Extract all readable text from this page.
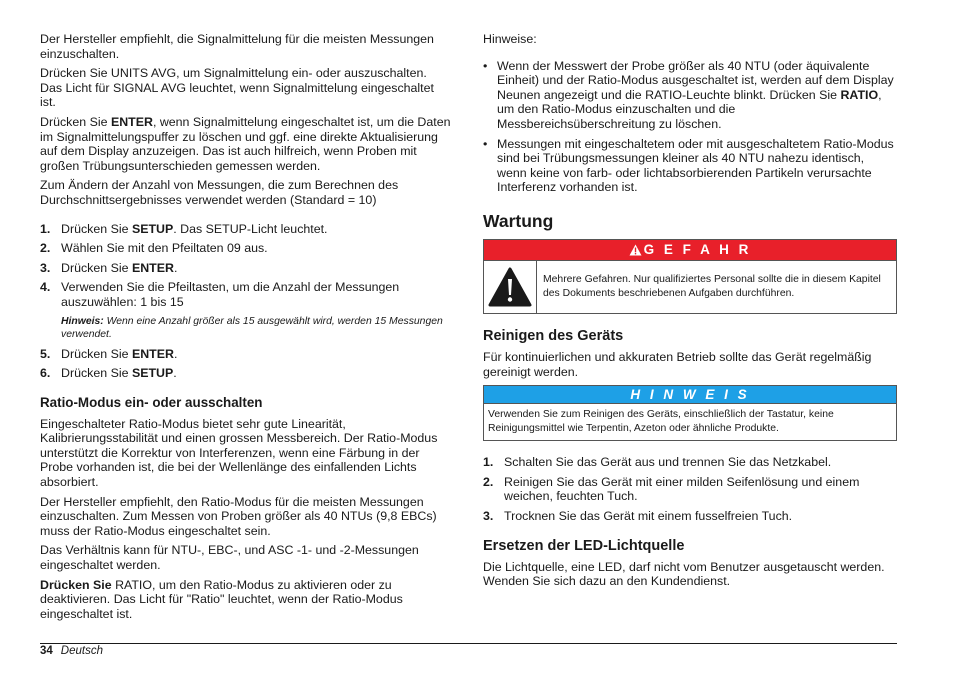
Der Hersteller empfiehlt, die Signalmittelung für die meisten Messungen einzuschalten.

Drücken Sie UNITS AVG, um Signalmittelung ein- oder auszuschalten. Das Licht für SIGNAL AVG leuchtet, wenn Signalmittelung eingeschaltet ist.

Drücken Sie ENTER, wenn Signalmittelung eingeschaltet ist, um die Daten im Signalmittelungspuffer zu löschen und ggf. eine direkte Aktualisierung auf dem Display anzuzeigen. Das ist auch hilfreich, wenn Proben mit großen Trübungsunterschieden gemessen werden.

Zum Ändern der Anzahl von Messungen, die zum Berechnen des Durchschnittsergebnisses verwendet werden (Standard = 10)

1. Drücken Sie SETUP. Das SETUP-Licht leuchtet.
2. Wählen Sie mit den Pfeiltaten 09 aus.
3. Drücken Sie ENTER.
4. Verwenden Sie die Pfeiltasten, um die Anzahl der Messungen auszuwählen: 1 bis 15

Hinweis: Wenn eine Anzahl größer als 15 ausgewählt wird, werden 15 Messungen verwendet.

5. Drücken Sie ENTER.
6. Drücken Sie SETUP.
Ratio-Modus ein- oder ausschalten

Eingeschalteter Ratio-Modus bietet sehr gute Linearität, Kalibrierungsstabilität und einen grossen Messbereich. Der Ratio-Modus unterstützt die Korrektur von Interferenzen, wenn eine Färbung in der Probe vorhanden ist, die bei der Wellenlänge des einfallenden Lichts absorbiert.

Der Hersteller empfiehlt, den Ratio-Modus für die meisten Messungen einzuschalten. Zum Messen von Proben größer als 40 NTUs (9,8 EBCs) muss der Ratio-Modus eingeschaltet sein.

Das Verhältnis kann für NTU-, EBC-, und ASC -1- und -2-Messungen eingeschaltet werden.

Drücken Sie RATIO, um den Ratio-Modus zu aktivieren oder zu deaktivieren. Das Licht für "Ratio" leuchtet, wenn der Ratio-Modus eingeschaltet ist.

Hinweise:

• Wenn der Messwert der Probe größer als 40 NTU (oder äquivalente Einheit) und der Ratio-Modus ausgeschaltet ist, werden auf dem Display Neunen angezeigt und die RATIO-Leuchte blinkt. Drücken Sie RATIO, um den Ratio-Modus einzuschalten und die Messbereichsüberschreitung zu löschen.
• Messungen mit eingeschaltetem oder mit ausgeschaltetem Ratio-Modus sind bei Trübungsmessungen kleiner als 40 NTU nahezu identisch, wenn keine von farb- oder lichtabsorbierenden Partikeln verursachte Interferenz vorhanden ist.
Wartung
G E F A H R
Mehrere Gefahren. Nur qualifiziertes Personal sollte die in diesem Kapitel des Dokuments beschriebenen Aufgaben durchführen.
Reinigen des Geräts

Für kontinuierlichen und akkuraten Betrieb sollte das Gerät regelmäßig gereinigt werden.

H I N W E I S
Verwenden Sie zum Reinigen des Geräts, einschließlich der Tastatur, keine Reinigungsmittel wie Terpentin, Azeton oder ähnliche Produkte.
1. Schalten Sie das Gerät aus und trennen Sie das Netzkabel.
2. Reinigen Sie das Gerät mit einer milden Seifenlösung und einem weichen, feuchten Tuch.
3. Trocknen Sie das Gerät mit einem fusselfreien Tuch.
Ersetzen der LED-Lichtquelle

Die Lichtquelle, eine LED, darf nicht vom Benutzer ausgetauscht werden. Wenden Sie sich dazu an den Kundendienst.

34 Deutsch
